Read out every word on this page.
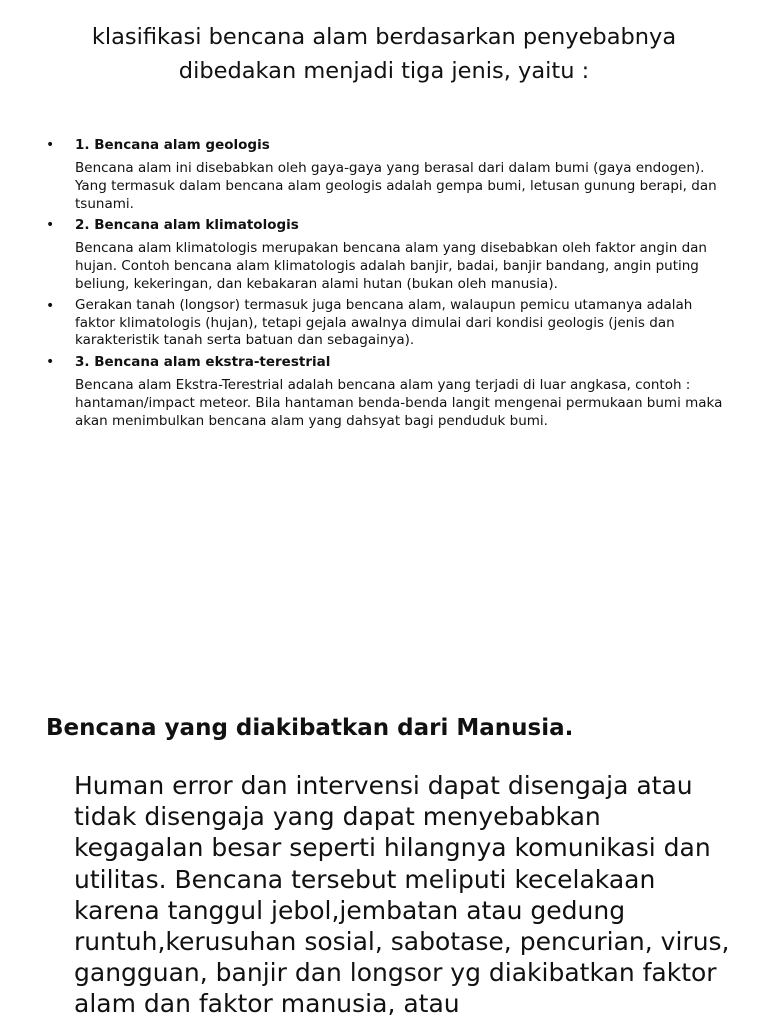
klasifikasi bencana alam berdasarkan penyebabnya
dibedakan menjadi tiga jenis, yaitu :
• 1. Bencana alam geologis
Bencana alam ini disebabkan oleh gaya-gaya yang berasal dari dalam bumi (gaya endogen). Yang termasuk dalam bencana alam geologis adalah gempa bumi, letusan gunung berapi, dan tsunami.
• 2. Bencana alam klimatologis
Bencana alam klimatologis merupakan bencana alam yang disebabkan oleh faktor angin dan hujan. Contoh bencana alam klimatologis adalah banjir, badai, banjir bandang, angin puting beliung, kekeringan, dan kebakaran alami hutan (bukan oleh manusia).
• Gerakan tanah (longsor) termasuk juga bencana alam, walaupun pemicu utamanya adalah faktor klimatologis (hujan), tetapi gejala awalnya dimulai dari kondisi geologis (jenis dan karakteristik tanah serta batuan dan sebagainya).
• 3. Bencana alam ekstra-terestrial
Bencana alam Ekstra-Terestrial adalah bencana alam yang terjadi di luar angkasa, contoh : hantaman/impact meteor. Bila hantaman benda-benda langit mengenai permukaan bumi maka akan menimbulkan bencana alam yang dahsyat bagi penduduk bumi.
Bencana yang diakibatkan dari Manusia.

Human error dan intervensi dapat disengaja atau tidak disengaja yang dapat menyebabkan kegagalan besar seperti hilangnya komunikasi dan utilitas. Bencana tersebut meliputi kecelakaan karena tanggul jebol,jembatan atau gedung runtuh,kerusuhan sosial, sabotase, pencurian, virus, gangguan, banjir dan longsor yg diakibatkan faktor alam dan faktor manusia, atau
